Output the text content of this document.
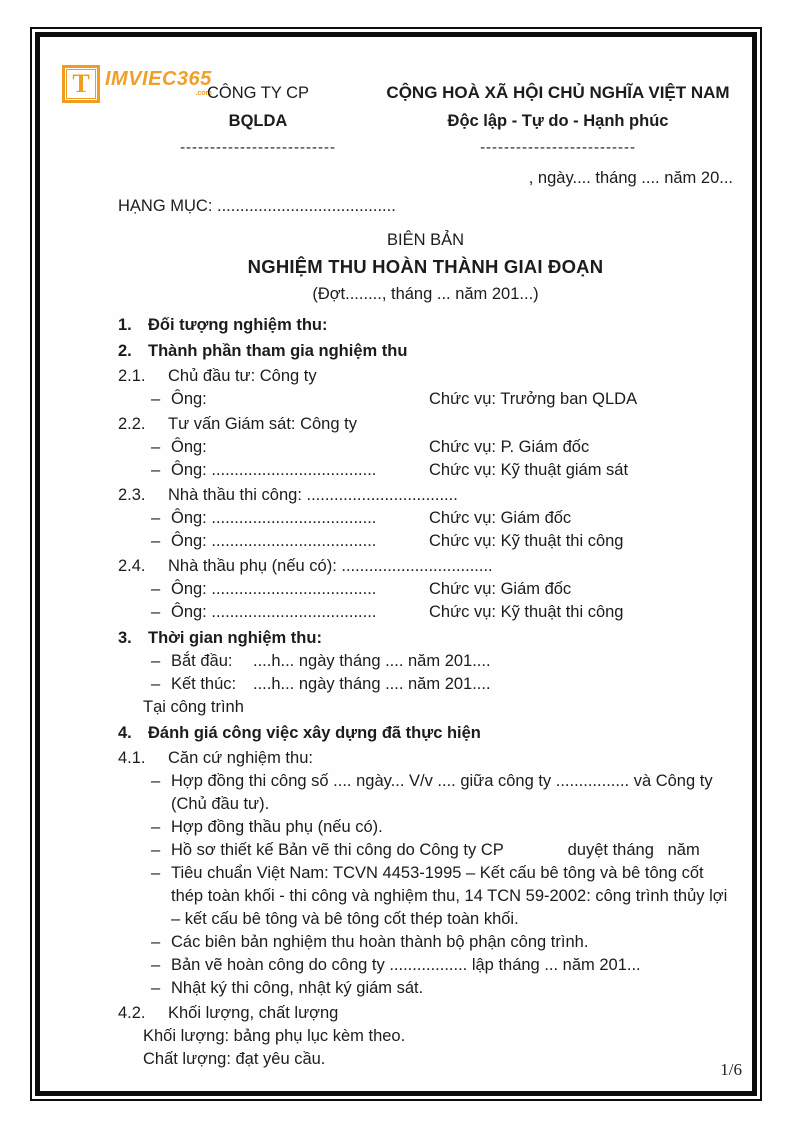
T IMVIEC365
.com
CÔNG TY CP
BQLDA
--------------------------
CỘNG HOÀ XÃ HỘI CHỦ NGHĨA VIỆT NAM
Độc lập - Tự do - Hạnh phúc
--------------------------
, ngày.... tháng .... năm 20...
HẠNG MỤC: .......................................
BIÊN BẢN
NGHIỆM THU HOÀN THÀNH GIAI ĐOẠN
(Đợt........, tháng ... năm 201...)
1. Đối tượng nghiệm thu:
2. Thành phần tham gia nghiệm thu
2.1.	Chủ đầu tư: Công ty
– Ông:	Chức vụ: Trưởng ban QLDA
2.2.	Tư vấn Giám sát: Công ty
– Ông:	Chức vụ: P. Giám đốc
– Ông: ....................................	Chức vụ: Kỹ thuật giám sát
2.3.	Nhà thầu thi công: .................................
– Ông: ....................................	Chức vụ: Giám đốc
– Ông: ....................................	Chức vụ: Kỹ thuật thi công
2.4.	Nhà thầu phụ (nếu có): .................................
– Ông: ....................................	Chức vụ: Giám đốc
– Ông: ....................................	Chức vụ: Kỹ thuật thi công
3. Thời gian nghiệm thu:
– Bắt đầu:	....h... ngày tháng .... năm 201....
– Kết thúc:	....h... ngày tháng .... năm 201....
Tại công trình
4. Đánh giá công việc xây dựng đã thực hiện
4.1.	Căn cứ nghiệm thu:
– Hợp đồng thi công số .... ngày... V/v .... giữa công ty ................ và Công ty (Chủ đầu tư).
– Hợp đồng thầu phụ (nếu có).
– Hồ sơ thiết kế Bản vẽ thi công do Công ty CP              duyệt tháng   năm
– Tiêu chuẩn Việt Nam: TCVN 4453-1995 – Kết cấu bê tông và bê tông cốt thép toàn khối - thi công và nghiệm thu, 14 TCN 59-2002: công trình thủy lợi – kết cấu bê tông và bê tông cốt thép toàn khối.
– Các biên bản nghiệm thu hoàn thành bộ phận công trình.
– Bản vẽ hoàn công do công ty ................. lập tháng ... năm 201...
– Nhật ký thi công, nhật ký giám sát.
4.2.	Khối lượng, chất lượng
Khối lượng: bảng phụ lục kèm theo.
Chất lượng: đạt yêu cầu.
1/6
